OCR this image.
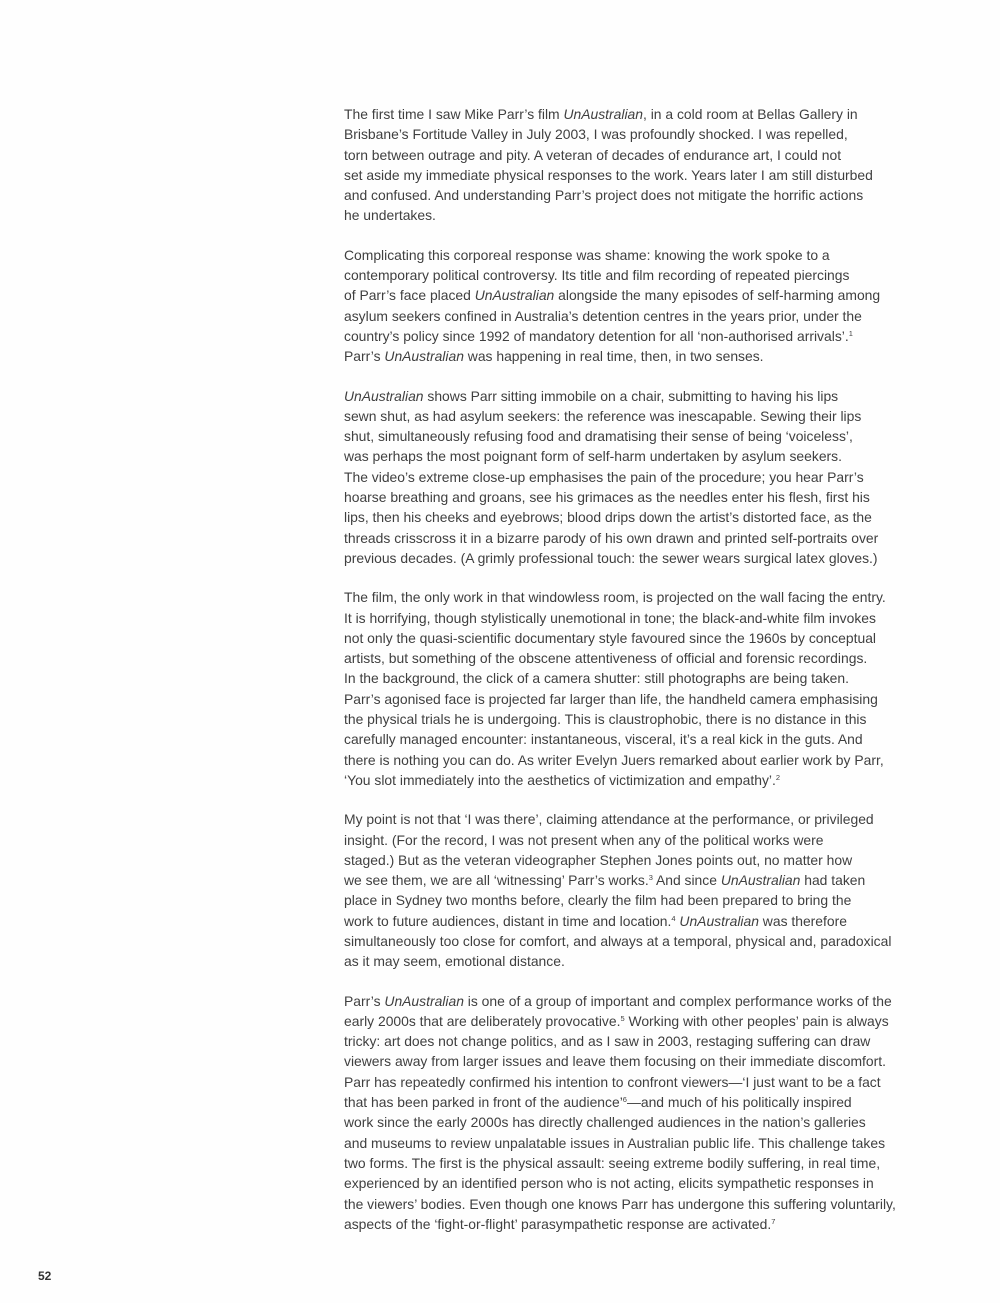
The first time I saw Mike Parr’s film UnAustralian, in a cold room at Bellas Gallery in
Brisbane’s Fortitude Valley in July 2003, I was profoundly shocked. I was repelled,
torn between outrage and pity. A veteran of decades of endurance art, I could not
set aside my immediate physical responses to the work. Years later I am still disturbed
and confused. And understanding Parr’s project does not mitigate the horrific actions
he undertakes.

Complicating this corporeal response was shame: knowing the work spoke to a
contemporary political controversy. Its title and film recording of repeated piercings
of Parr’s face placed UnAustralian alongside the many episodes of self-harming among
asylum seekers confined in Australia’s detention centres in the years prior, under the
country’s policy since 1992 of mandatory detention for all ‘non-authorised arrivals’.$^1$
Parr’s UnAustralian was happening in real time, then, in two senses.

UnAustralian shows Parr sitting immobile on a chair, submitting to having his lips
sewn shut, as had asylum seekers: the reference was inescapable. Sewing their lips
shut, simultaneously refusing food and dramatising their sense of being ‘voiceless’,
was perhaps the most poignant form of self-harm undertaken by asylum seekers.
The video’s extreme close-up emphasises the pain of the procedure; you hear Parr’s
hoarse breathing and groans, see his grimaces as the needles enter his flesh, first his
lips, then his cheeks and eyebrows; blood drips down the artist’s distorted face, as the
threads crisscross it in a bizarre parody of his own drawn and printed self-portraits over
previous decades. (A grimly professional touch: the sewer wears surgical latex gloves.)

The film, the only work in that windowless room, is projected on the wall facing the entry.
It is horrifying, though stylistically unemotional in tone; the black-and-white film invokes
not only the quasi-scientific documentary style favoured since the 1960s by conceptual
artists, but something of the obscene attentiveness of official and forensic recordings.
In the background, the click of a camera shutter: still photographs are being taken.
Parr’s agonised face is projected far larger than life, the handheld camera emphasising
the physical trials he is undergoing. This is claustrophobic, there is no distance in this
carefully managed encounter: instantaneous, visceral, it’s a real kick in the guts. And
there is nothing you can do. As writer Evelyn Juers remarked about earlier work by Parr,
‘You slot immediately into the aesthetics of victimization and empathy’.$^2$

My point is not that ‘I was there’, claiming attendance at the performance, or privileged
insight. (For the record, I was not present when any of the political works were
staged.) But as the veteran videographer Stephen Jones points out, no matter how
we see them, we are all ‘witnessing’ Parr’s works.$^3$ And since UnAustralian had taken
place in Sydney two months before, clearly the film had been prepared to bring the
work to future audiences, distant in time and location.$^4$ UnAustralian was therefore
simultaneously too close for comfort, and always at a temporal, physical and, paradoxical
as it may seem, emotional distance.

Parr’s UnAustralian is one of a group of important and complex performance works of the
early 2000s that are deliberately provocative.$^5$ Working with other peoples’ pain is always
tricky: art does not change politics, and as I saw in 2003, restaging suffering can draw
viewers away from larger issues and leave them focusing on their immediate discomfort.
Parr has repeatedly confirmed his intention to confront viewers—‘I just want to be a fact
that has been parked in front of the audience’$^6$—and much of his politically inspired
work since the early 2000s has directly challenged audiences in the nation’s galleries
and museums to review unpalatable issues in Australian public life. This challenge takes
two forms. The first is the physical assault: seeing extreme bodily suffering, in real time,
experienced by an identified person who is not acting, elicits sympathetic responses in
the viewers’ bodies. Even though one knows Parr has undergone this suffering voluntarily,
aspects of the ‘fight-or-flight’ parasympathetic response are activated.$^7$

52
